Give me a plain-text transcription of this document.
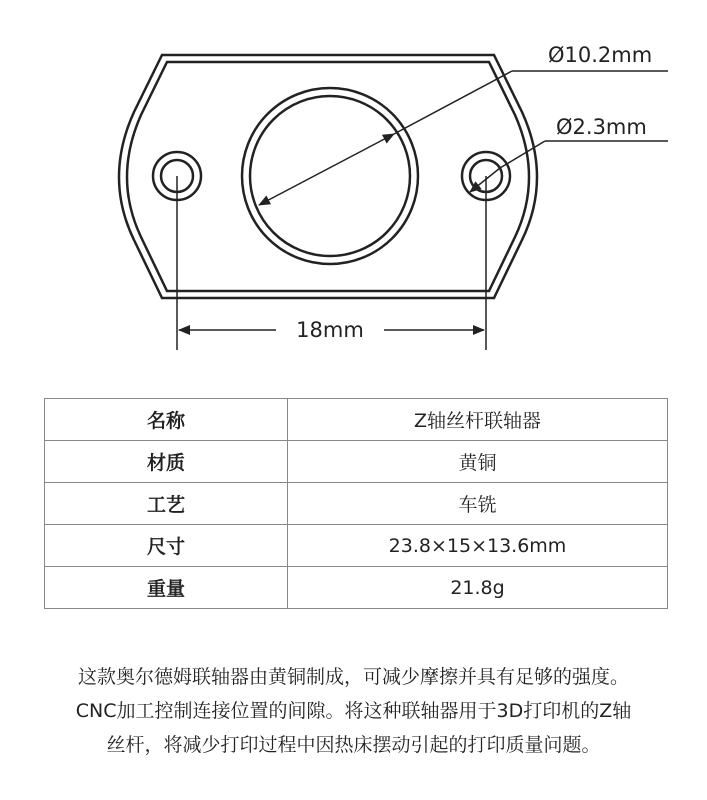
Ø10.2mm
Ø2.3mm
18mm
名称	Z轴丝杆联轴器
材质	黄铜
工艺	车铣
尺寸	23.8×15×13.6mm
重量	21.8g

这款奥尔德姆联轴器由黄铜制成，可减少摩擦并具有足够的强度。

CNC加工控制连接位置的间隙。将这种联轴器用于3D打印机的Z轴

丝杆，将减少打印过程中因热床摆动引起的打印质量问题。
